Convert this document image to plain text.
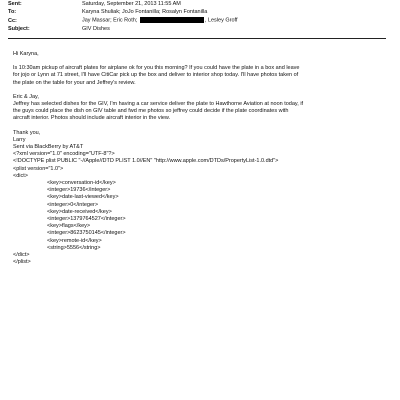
Sent:	Saturday, September 21, 2013 11:55 AM
To:	Karyna Shuliak; JoJo Fontanilla; Rosalyn Fontanilla
Cc:	Jay Massar; Eric Roth;	, Lesley Groff
Subject:	GIV Dishes
Hi Karyna,
Is 10:30am pickup of aircraft plates for airplane ok for you this morning? If you could have the plate in a box and leave
for jojo or Lynn at 71 street, I'll have CitiCar pick up the box and deliver to interior shop today. I'll have photos taken of
the plate on the table for your and Jeffrey's review.
Eric & Jay,
Jeffrey has selected dishes for the GIV, I'm having a car service deliver the plate to Hawthorne Aviation at noon today, if
the guys could place the dish on GIV table and fwd me photos so jeffrey could decide if the plate coordinates with
aircraft interior. Photos should include aircraft interior in the view.
Thank you,
Larry
Sent via BlackBerry by AT&T
<?xml version="1.0" encoding="UTF-8"?>
<!DOCTYPE plist PUBLIC "-//Apple//DTD PLIST 1.0//EN" "http://www.apple.com/DTDs/PropertyList-1.0.dtd">
<plist version="1.0">
<dict>
<key>conversation-id</key>
<integer>19736</integer>
<key>date-last-viewed</key>
<integer>0</integer>
<key>date-received</key>
<integer>1379764527</integer>
<key>flags</key>
<integer>8623750145</integer>
<key>remote-id</key>
<string>5556</string>
</dict>
</plist>
